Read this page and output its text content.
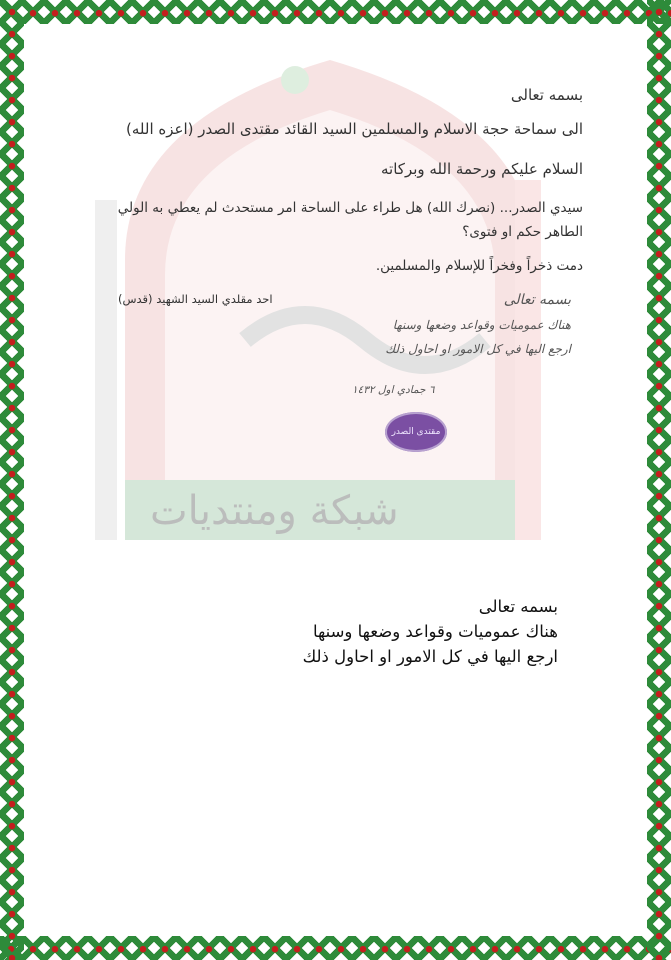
شبكة ومنتديات
بسمه تعالى
الى سماحة حجة الاسلام والمسلمين السيد القائد مقتدى الصدر (اعزه الله)
السلام عليكم ورحمة الله وبركاته
سيدي الصدر... (نصرك الله) هل طراء على الساحة امر مستحدث لم يعطي به الولي الطاهر حكم او فتوى؟
دمت ذخراً وفخراً للإسلام والمسلمين.
احد مقلدي السيد الشهيد (قدس)	بسمه تعالى
هناك عموميات وقواعد وضعها وسنها
ارجع اليها في كل الامور او احاول ذلك
٦ جمادي اول ١٤٣٢
مقتدى الصدر
بسمه تعالى
هناك عموميات وقواعد وضعها وسنها
ارجع اليها في كل الامور او احاول ذلك
